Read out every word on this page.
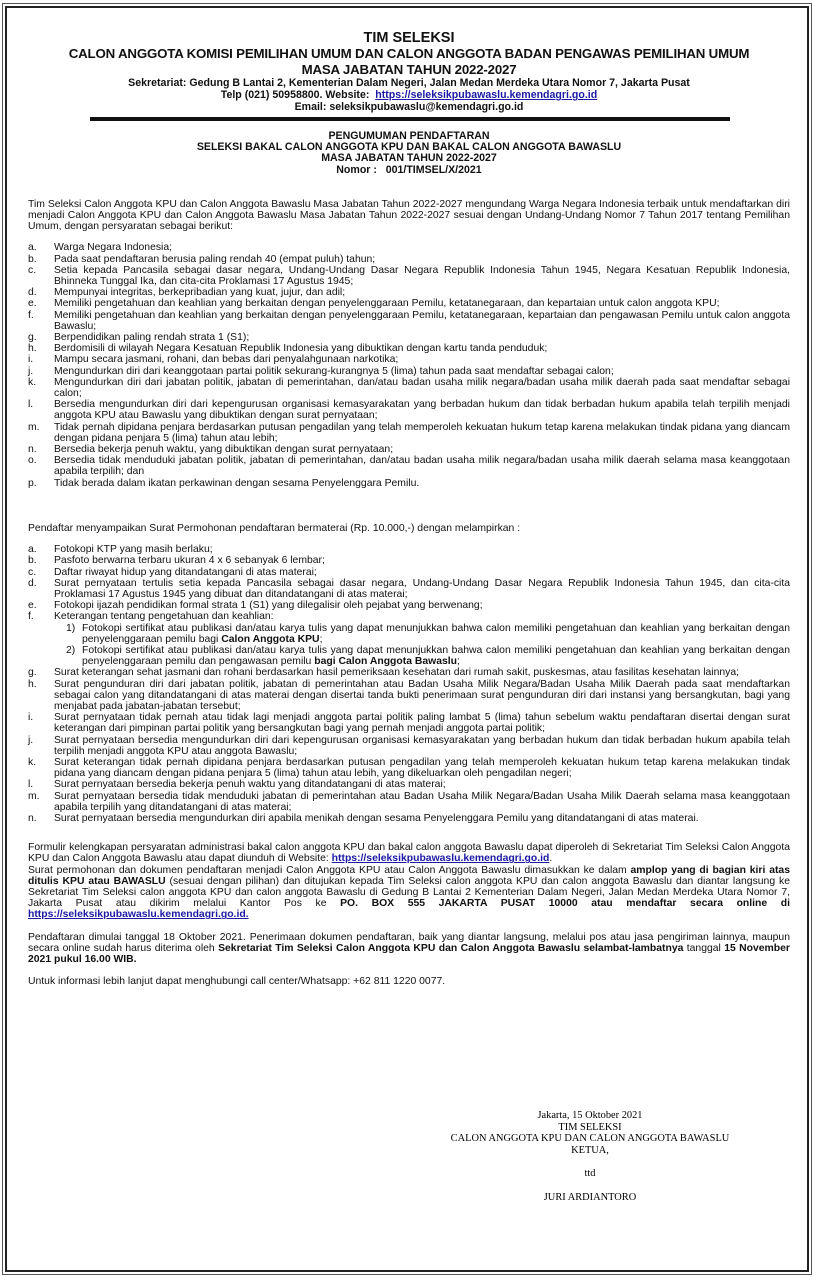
TIM SELEKSI
CALON ANGGOTA KOMISI PEMILIHAN UMUM DAN CALON ANGGOTA BADAN PENGAWAS PEMILIHAN UMUM
MASA JABATAN TAHUN 2022-2027
Sekretariat: Gedung B Lantai 2, Kementerian Dalam Negeri, Jalan Medan Merdeka Utara Nomor 7, Jakarta Pusat
Telp (021) 50958800. Website: https://seleksikpubawaslu.kemendagri.go.id
Email: seleksikpubawaslu@kemendagri.go.id
PENGUMUMAN PENDAFTARAN
SELEKSI BAKAL CALON ANGGOTA KPU DAN BAKAL CALON ANGGOTA BAWASLU
MASA JABATAN TAHUN 2022-2027
Nomor :   001/TIMSEL/X/2021

Tim Seleksi Calon Anggota KPU dan Calon Anggota Bawaslu Masa Jabatan Tahun 2022-2027 mengundang Warga Negara Indonesia terbaik untuk mendaftarkan diri menjadi Calon Anggota KPU dan Calon Anggota Bawaslu Masa Jabatan Tahun 2022-2027 sesuai dengan Undang-Undang Nomor 7 Tahun 2017 tentang Pemilihan Umum, dengan persyaratan sebagai berikut:

a. Warga Negara Indonesia;
b. Pada saat pendaftaran berusia paling rendah 40 (empat puluh) tahun;
c. Setia kepada Pancasila sebagai dasar negara, Undang-Undang Dasar Negara Republik Indonesia Tahun 1945, Negara Kesatuan Republik Indonesia, Bhinneka Tunggal Ika, dan cita-cita Proklamasi 17 Agustus 1945;
d. Mempunyai integritas, berkepribadian yang kuat, jujur, dan adil;
e. Memiliki pengetahuan dan keahlian yang berkaitan dengan penyelenggaraan Pemilu, ketatanegaraan, dan kepartaian untuk calon anggota KPU;
f. Memiliki pengetahuan dan keahlian yang berkaitan dengan penyelenggaraan Pemilu, ketatanegaraan, kepartaian dan pengawasan Pemilu untuk calon anggota Bawaslu;
g. Berpendidikan paling rendah strata 1 (S1);
h. Berdomisili di wilayah Negara Kesatuan Republik Indonesia yang dibuktikan dengan kartu tanda penduduk;
i. Mampu secara jasmani, rohani, dan bebas dari penyalahgunaan narkotika;
j. Mengundurkan diri dari keanggotaan partai politik sekurang-kurangnya 5 (lima) tahun pada saat mendaftar sebagai calon;
k. Mengundurkan diri dari jabatan politik, jabatan di pemerintahan, dan/atau badan usaha milik negara/badan usaha milik daerah pada saat mendaftar sebagai calon;
l. Bersedia mengundurkan diri dari kepengurusan organisasi kemasyarakatan yang berbadan hukum dan tidak berbadan hukum apabila telah terpilih menjadi anggota KPU atau Bawaslu yang dibuktikan dengan surat pernyataan;
m. Tidak pernah dipidana penjara berdasarkan putusan pengadilan yang telah memperoleh kekuatan hukum tetap karena melakukan tindak pidana yang diancam dengan pidana penjara 5 (lima) tahun atau lebih;
n. Bersedia bekerja penuh waktu, yang dibuktikan dengan surat pernyataan;
o. Bersedia tidak menduduki jabatan politik, jabatan di pemerintahan, dan/atau badan usaha milik negara/badan usaha milik daerah selama masa keanggotaan apabila terpilih; dan
p. Tidak berada dalam ikatan perkawinan dengan sesama Penyelenggara Pemilu.

Pendaftar menyampaikan Surat Permohonan pendaftaran bermaterai (Rp. 10.000,-) dengan melampirkan :

a. Fotokopi KTP yang masih berlaku;
b. Pasfoto berwarna terbaru ukuran 4 x 6 sebanyak 6 lembar;
c. Daftar riwayat hidup yang ditandatangani di atas materai;
d. Surat pernyataan tertulis setia kepada Pancasila sebagai dasar negara, Undang-Undang Dasar Negara Republik Indonesia Tahun 1945, dan cita-cita Proklamasi 17 Agustus 1945 yang dibuat dan ditandatangani di atas materai;
e. Fotokopi ijazah pendidikan formal strata 1 (S1) yang dilegalisir oleh pejabat yang berwenang;
f. Keterangan tentang pengetahuan dan keahlian:
1) Fotokopi sertifikat atau publikasi dan/atau karya tulis yang dapat menunjukkan bahwa calon memiliki pengetahuan dan keahlian yang berkaitan dengan penyelenggaraan pemilu bagi Calon Anggota KPU;
2) Fotokopi sertifikat atau publikasi dan/atau karya tulis yang dapat menunjukkan bahwa calon memiliki pengetahuan dan keahlian yang berkaitan dengan penyelenggaraan pemilu dan pengawasan pemilu bagi Calon Anggota Bawaslu;
g. Surat keterangan sehat jasmani dan rohani berdasarkan hasil pemeriksaan kesehatan dari rumah sakit, puskesmas, atau fasilitas kesehatan lainnya;
h. Surat pengunduran diri dari jabatan politik, jabatan di pemerintahan atau Badan Usaha Milik Negara/Badan Usaha Milik Daerah pada saat mendaftarkan sebagai calon yang ditandatangani di atas materai dengan disertai tanda bukti penerimaan surat pengunduran diri dari instansi yang bersangkutan, bagi yang menjabat pada jabatan-jabatan tersebut;
i. Surat pernyataan tidak pernah atau tidak lagi menjadi anggota partai politik paling lambat 5 (lima) tahun sebelum waktu pendaftaran disertai dengan surat keterangan dari pimpinan partai politik yang bersangkutan bagi yang pernah menjadi anggota partai politik;
j. Surat pernyataan bersedia mengundurkan diri dari kepengurusan organisasi kemasyarakatan yang berbadan hukum dan tidak berbadan hukum apabila telah terpilih menjadi anggota KPU atau anggota Bawaslu;
k. Surat keterangan tidak pernah dipidana penjara berdasarkan putusan pengadilan yang telah memperoleh kekuatan hukum tetap karena melakukan tindak pidana yang diancam dengan pidana penjara 5 (lima) tahun atau lebih, yang dikeluarkan oleh pengadilan negeri;
l. Surat pernyataan bersedia bekerja penuh waktu yang ditandatangani di atas materai;
m. Surat pernyataan bersedia tidak menduduki jabatan di pemerintahan atau Badan Usaha Milik Negara/Badan Usaha Milik Daerah selama masa keanggotaan apabila terpilih yang ditandatangani di atas materai;
n. Surat pernyataan bersedia mengundurkan diri apabila menikah dengan sesama Penyelenggara Pemilu yang ditandatangani di atas materai.

Formulir kelengkapan persyaratan administrasi bakal calon anggota KPU dan bakal calon anggota Bawaslu dapat diperoleh di Sekretariat Tim Seleksi Calon Anggota KPU dan Calon Anggota Bawaslu atau dapat diunduh di Website: https://seleksikpubawaslu.kemendagri.go.id.

Surat permohonan dan dokumen pendaftaran menjadi Calon Anggota KPU atau Calon Anggota Bawaslu dimasukkan ke dalam amplop yang di bagian kiri atas ditulis KPU atau BAWASLU (sesuai dengan pilihan) dan ditujukan kepada Tim Seleksi calon anggota KPU dan calon anggota Bawaslu dan diantar langsung ke Sekretariat Tim Seleksi calon anggota KPU dan calon anggota Bawaslu di Gedung B Lantai 2 Kementerian Dalam Negeri, Jalan Medan Merdeka Utara Nomor 7, Jakarta Pusat atau dikirim melalui Kantor Pos ke PO. BOX 555 JAKARTA PUSAT 10000 atau mendaftar secara online di https://seleksikpubawaslu.kemendagri.go.id.

Pendaftaran dimulai tanggal 18 Oktober 2021. Penerimaan dokumen pendaftaran, baik yang diantar langsung, melalui pos atau jasa pengiriman lainnya, maupun secara online sudah harus diterima oleh Sekretariat Tim Seleksi Calon Anggota KPU dan Calon Anggota Bawaslu selambat-lambatnya tanggal 15 November 2021 pukul 16.00 WIB.

Untuk informasi lebih lanjut dapat menghubungi call center/Whatsapp: +62 811 1220 0077.

Jakarta, 15 Oktober 2021
TIM SELEKSI
CALON ANGGOTA KPU DAN CALON ANGGOTA BAWASLU
KETUA,
ttd
JURI ARDIANTORO
